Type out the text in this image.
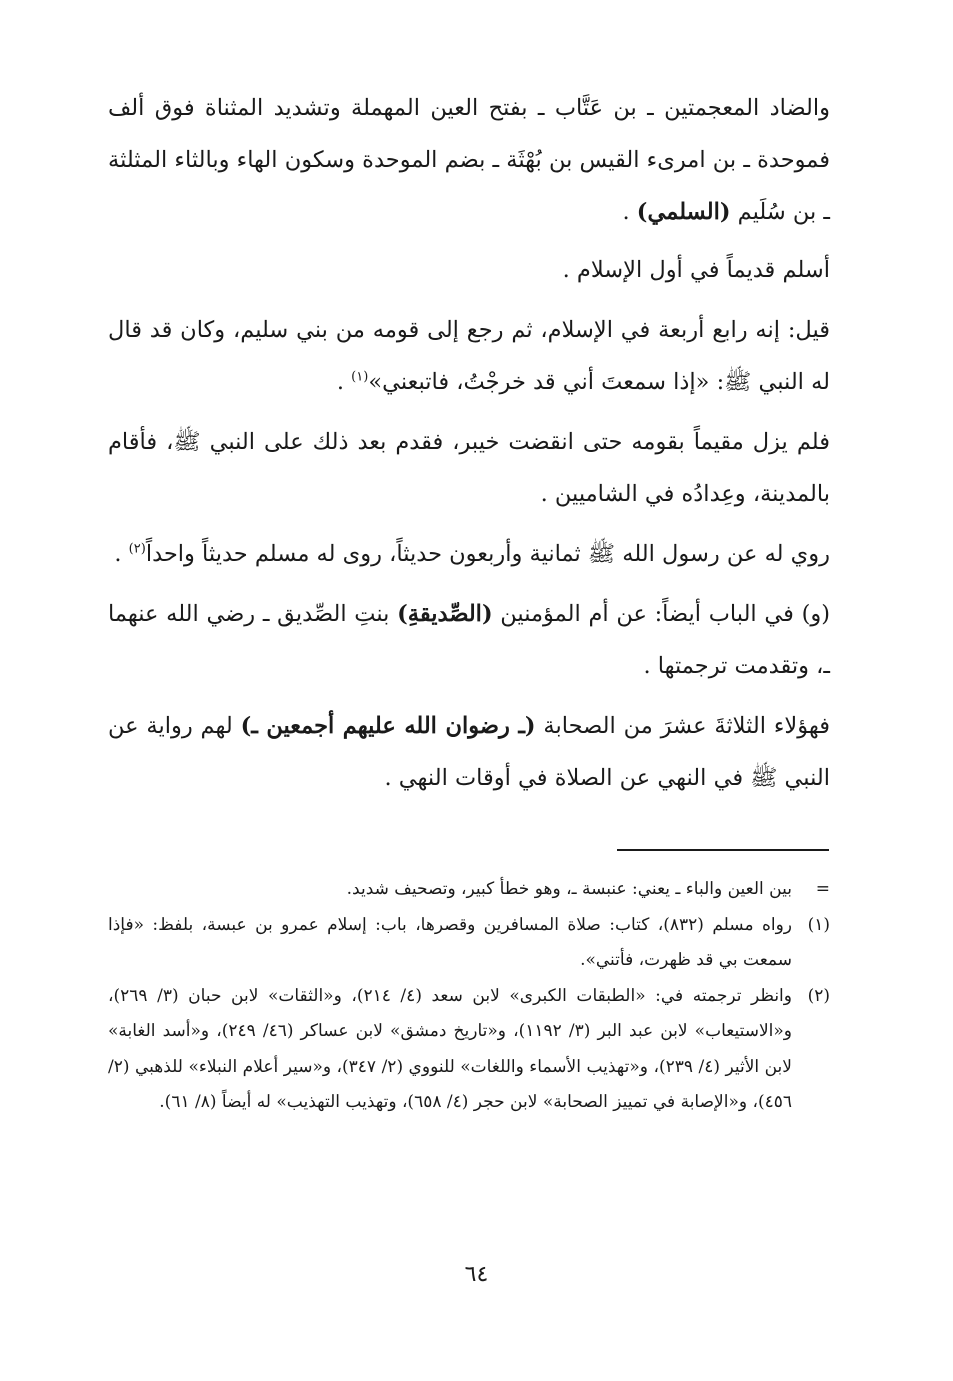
والضاد المعجمتين ـ بن عَتَّاب ـ بفتح العين المهملة وتشديد المثناة فوق ألف فموحدة ـ بن امرىء القيس بن بُهْثَة ـ بضم الموحدة وسكون الهاء وبالثاء المثلثة ـ بن سُلَيم (السلمي) .

أسلم قديماً في أول الإسلام .

قيل: إنه رابع أربعة في الإسلام، ثم رجع إلى قومه من بني سليم، وكان قد قال له النبي ﷺ: «إذا سمعتَ أني قد خرجْتُ، فاتبعني»$^{(١)}$ .

فلم يزل مقيماً بقومه حتى انقضت خيبر، فقدم بعد ذلك على النبي ﷺ، فأقام بالمدينة، وعِدادُه في الشاميين .

روي له عن رسول الله ﷺ ثمانية وأربعون حديثاً، روى له مسلم حديثاً واحداً$^{(٢)}$ .

(و) في الباب أيضاً: عن أم المؤمنين (الصِّديقةِ) بنتِ الصِّديق ـ رضي الله عنهما ـ، وتقدمت ترجمتها .

فهؤلاء الثلاثةَ عشرَ من الصحابة (ـ رضوان الله عليهم أجمعين ـ) لهم رواية عن النبي ﷺ في النهي عن الصلاة في أوقات النهي .

=
بين العين والباء ـ يعني: عنبسة ـ، وهو خطأ كبير، وتصحيف شديد.
(١)
رواه مسلم (٨٣٢)، كتاب: صلاة المسافرين وقصرها، باب: إسلام عمرو بن عبسة، بلفظ: «فإذا سمعت بي قد ظهرت، فأتني».
(٢)
وانظر ترجمته في: «الطبقات الكبرى» لابن سعد (٤/ ٢١٤)، و«الثقات» لابن حبان (٣/ ٢٦٩)، و«الاستيعاب» لابن عبد البر (٣/ ١١٩٢)، و«تاريخ دمشق» لابن عساكر (٤٦/ ٢٤٩)، و«أسد الغابة» لابن الأثير (٤/ ٢٣٩)، و«تهذيب الأسماء واللغات» للنووي (٢/ ٣٤٧)، و«سير أعلام النبلاء» للذهبي (٢/ ٤٥٦)، و«الإصابة في تمييز الصحابة» لابن حجر (٤/ ٦٥٨)، وتهذيب التهذيب» له أيضاً (٨/ ٦١).
٦٤
